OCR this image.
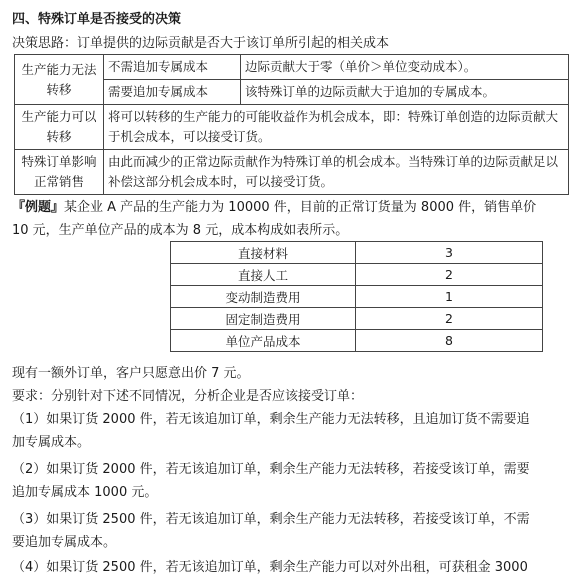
四、特殊订单是否接受的决策
决策思路：订单提供的边际贡献是否大于该订单所引起的相关成本
生产能力无法转移	不需追加专属成本	边际贡献大于零（单价＞单位变动成本）。
	需要追加专属成本	该特殊订单的边际贡献大于追加的专属成本。
生产能力可以转移	将可以转移的生产能力的可能收益作为机会成本，即：特殊订单创造的边际贡献大于机会成本，可以接受订货。	
特殊订单影响正常销售	由此而减少的正常边际贡献作为特殊订单的机会成本。当特殊订单的边际贡献足以补偿这部分机会成本时，可以接受订货。	
『例题』某企业 A 产品的生产能力为 10000 件，目前的正常订货量为 8000 件，销售单价
10 元，生产单位产品的成本为 8 元，成本构成如表所示。
直接材料	3
直接人工	2
变动制造费用	1
固定制造费用	2
单位产品成本	8
现有一额外订单，客户只愿意出价 7 元。
要求：分别针对下述不同情况，分析企业是否应该接受订单：
（1）如果订货 2000 件，若无该追加订单，剩余生产能力无法转移，且追加订货不需要追
加专属成本。
（2）如果订货 2000 件，若无该追加订单，剩余生产能力无法转移，若接受该订单，需要
追加专属成本 1000 元。
（3）如果订货 2500 件，若无该追加订单，剩余生产能力无法转移，若接受该订单，不需
要追加专属成本。
（4）如果订货 2500 件，若无该追加订单，剩余生产能力可以对外出租，可获租金 3000
